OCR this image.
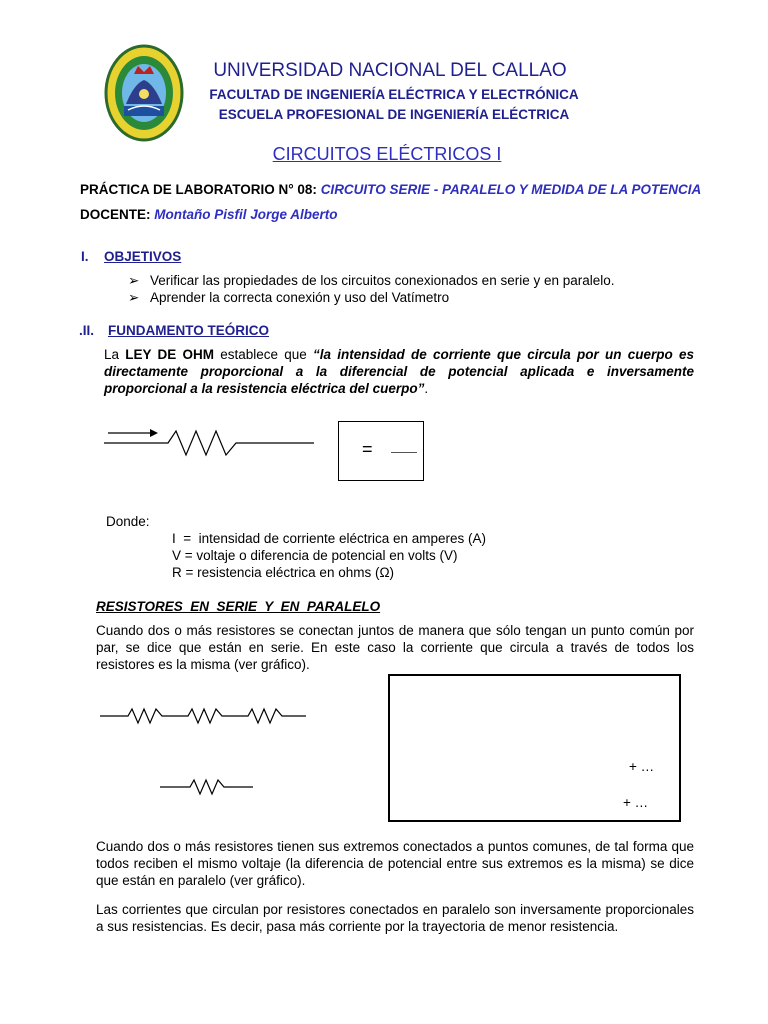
UNIVERSIDAD NACIONAL DEL CALLAO
FACULTAD DE INGENIERÍA ELÉCTRICA Y ELECTRÓNICA
ESCUELA PROFESIONAL DE INGENIERÍA ELÉCTRICA
CIRCUITOS ELÉCTRICOS I
PRÁCTICA DE LABORATORIO N° 08: CIRCUITO SERIE - PARALELO Y MEDIDA DE LA POTENCIA
DOCENTE: Montaño Pisfil Jorge Alberto
I. OBJETIVOS
➢ Verificar las propiedades de los circuitos conexionados en serie y en paralelo.
➢ Aprender la correcta conexión y uso del Vatímetro
.II. FUNDAMENTO TEÓRICO
La LEY DE OHM establece que “la intensidad de corriente que circula por un cuerpo es directamente proporcional a la diferencial de potencial aplicada e inversamente proporcional a la resistencia eléctrica del cuerpo”.
=
Donde:
I  =  intensidad de corriente eléctrica en amperes (A)
V = voltaje o diferencia de potencial en volts (V)
R = resistencia eléctrica en ohms (Ω)
RESISTORES  EN  SERIE  Y  EN  PARALELO
Cuando dos o más resistores se conectan juntos de manera que sólo tengan un punto común por par, se dice que están en serie. En este caso la corriente que circula a través de todos los resistores es la misma (ver gráfico).
+ …
+ …
Cuando dos o más resistores tienen sus extremos conectados a puntos comunes, de tal forma que todos reciben el mismo voltaje (la diferencia de potencial entre sus extremos es la misma) se dice que están en paralelo (ver gráfico).
Las corrientes que circulan por resistores conectados en paralelo son inversamente proporcionales a sus resistencias. Es decir, pasa más corriente por la trayectoria de menor resistencia.
